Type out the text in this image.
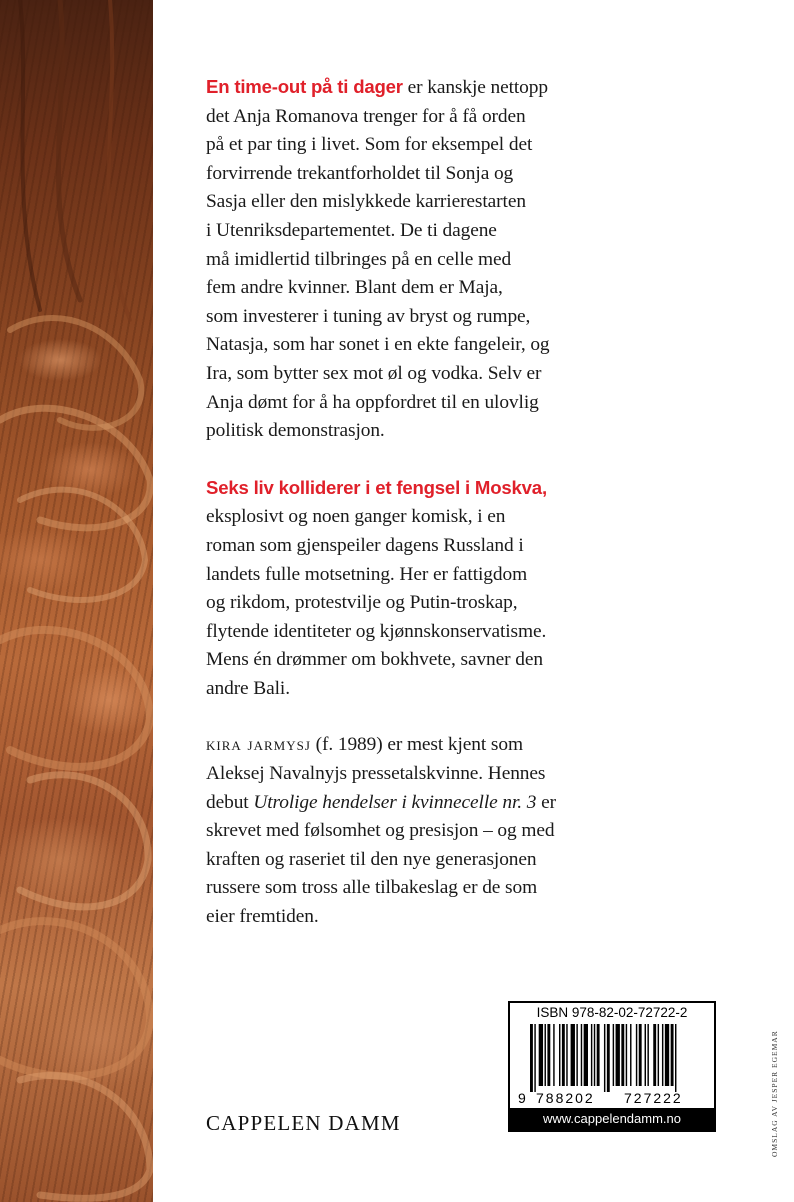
En time-out på ti dager er kanskje nettopp
det Anja Romanova trenger for å få orden
på et par ting i livet. Som for eksempel det
forvirrende trekantforholdet til Sonja og
Sasja eller den mislykkede karrierestarten
i Utenriksdepartementet. De ti dagene
må imidlertid tilbringes på en celle med
fem andre kvinner. Blant dem er Maja,
som investerer i tuning av bryst og rumpe,
Natasja, som har sonet i en ekte fangeleir, og
Ira, som bytter sex mot øl og vodka. Selv er
Anja dømt for å ha oppfordret til en ulovlig
politisk demonstrasjon.

Seks liv kolliderer i et fengsel i Moskva,
eksplosivt og noen ganger komisk, i en
roman som gjenspeiler dagens Russland i
landets fulle motsetning. Her er fattigdom
og rikdom, protestvilje og Putin-troskap,
flytende identiteter og kjønnskonservatisme.
Mens én drømmer om bokhvete, savner den
andre Bali.

kira jarmysj (f. 1989) er mest kjent som
Aleksej Navalnyjs pressetalskvinne. Hennes
debut Utrolige hendelser i kvinnecelle nr. 3 er
skrevet med følsomhet og presisjon – og med
kraften og raseriet til den nye generasjonen
russere som tross alle tilbakeslag er de som
eier fremtiden.

CAPPELEN DAMM
ISBN 978-82-02-72722-2
9 788202 727222
www.cappelendamm.no	OMSLAG AV JESPER EGEMAR
